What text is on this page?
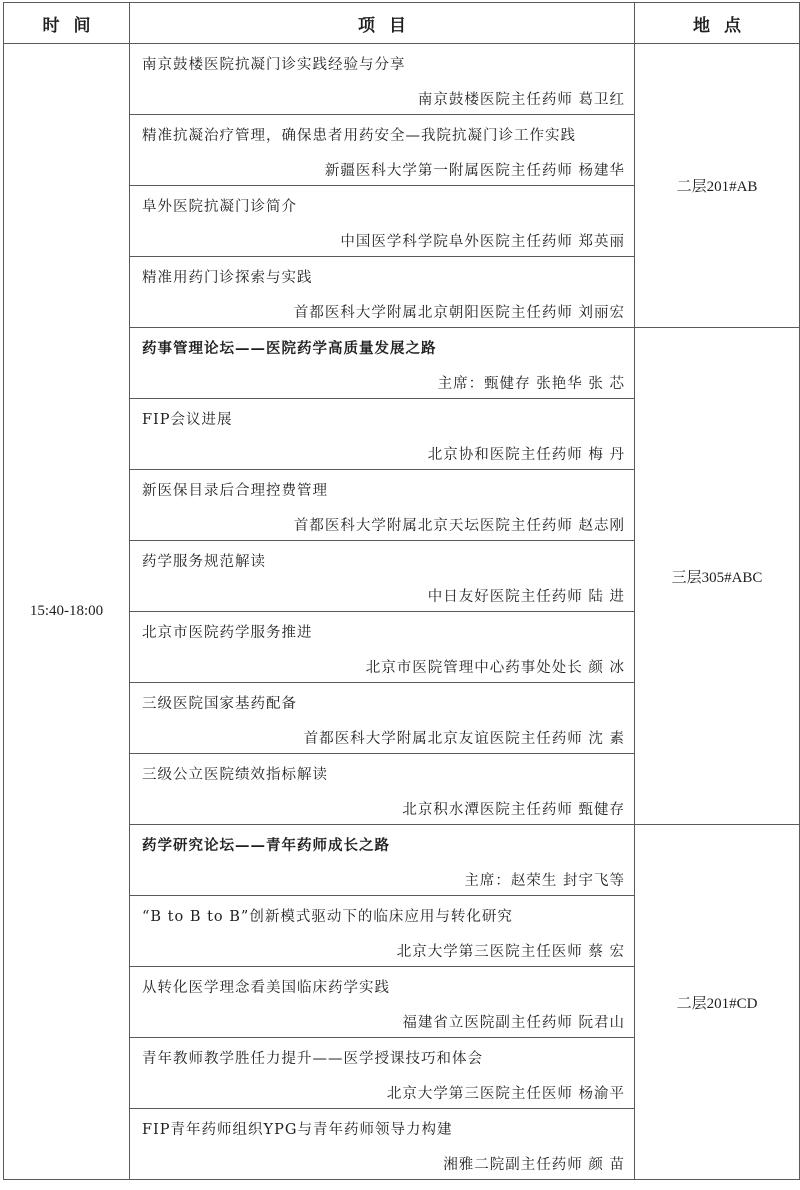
时间	项目	地点
15:40-18:00	南京鼓楼医院抗凝门诊实践经验与分享
南京鼓楼医院主任药师 葛卫红	二层201#AB

	精准抗凝治疗管理，确保患者用药安全—我院抗凝门诊工作实践
新疆医科大学第一附属医院主任药师 杨建华	

	阜外医院抗凝门诊简介
中国医学科学院阜外医院主任药师 郑英丽	

	精准用药门诊探索与实践
首都医科大学附属北京朝阳医院主任药师 刘丽宏	

	药事管理论坛——医院药学高质量发展之路
主席：甄健存 张艳华 张 芯	三层305#ABC

	FIP会议进展
北京协和医院主任药师 梅 丹	

	新医保目录后合理控费管理
首都医科大学附属北京天坛医院主任药师 赵志刚	

	药学服务规范解读
中日友好医院主任药师 陆 进	

	北京市医院药学服务推进
北京市医院管理中心药事处处长 颜 冰	

	三级医院国家基药配备
首都医科大学附属北京友谊医院主任药师 沈 素	

	三级公立医院绩效指标解读
北京积水潭医院主任药师 甄健存	

	药学研究论坛——青年药师成长之路
主席：赵荣生 封宇飞等	二层201#CD

	“B to B to B”创新模式驱动下的临床应用与转化研究
北京大学第三医院主任医师 蔡 宏	

	从转化医学理念看美国临床药学实践
福建省立医院副主任药师 阮君山	

	青年教师教学胜任力提升——医学授课技巧和体会
北京大学第三医院主任医师 杨渝平	

	FIP青年药师组织YPG与青年药师领导力构建
湘雅二院副主任药师 颜 苗	
